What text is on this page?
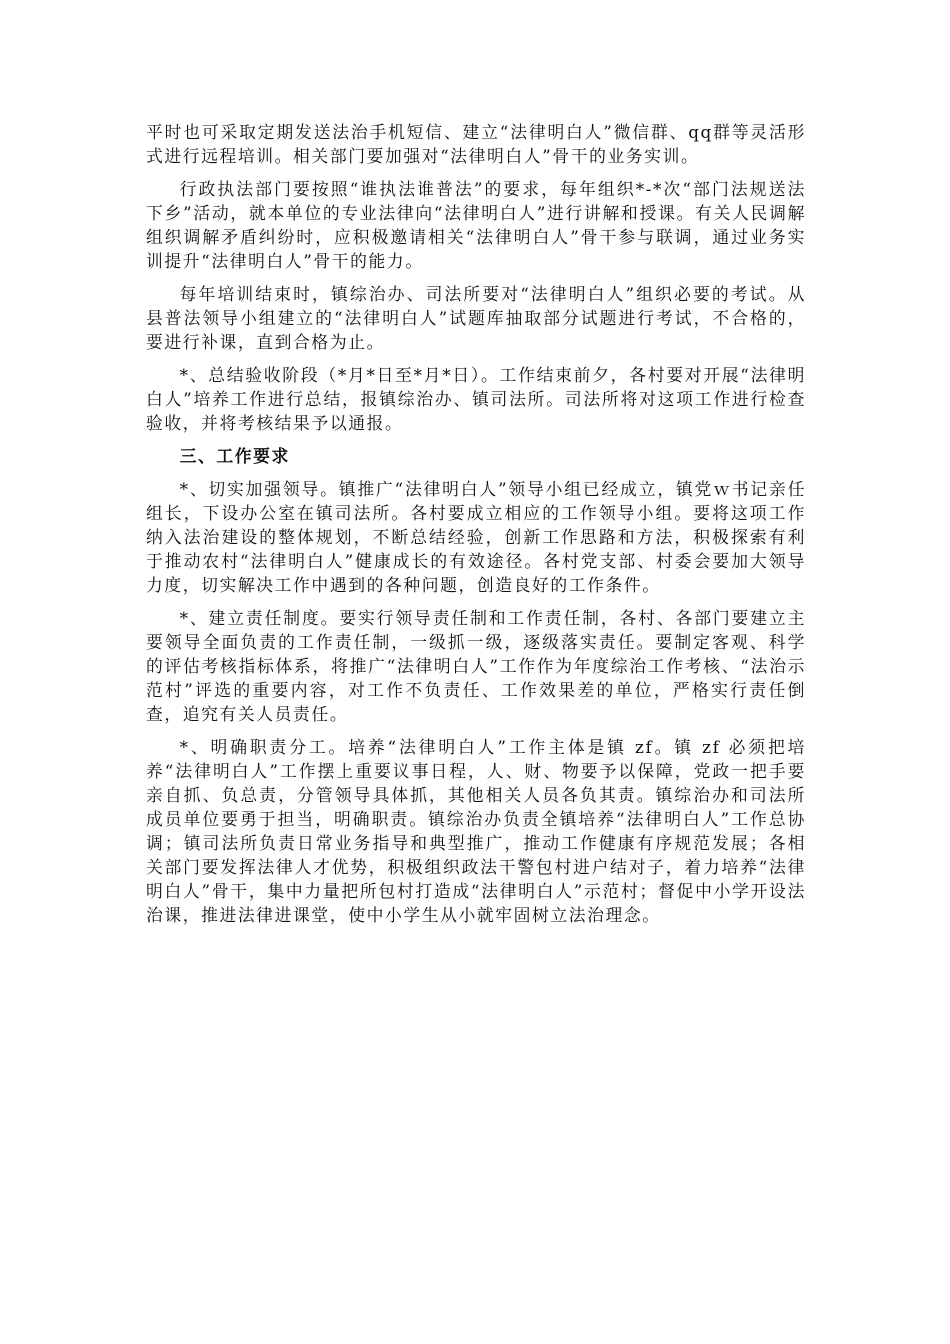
平时也可采取定期发送法治手机短信、建立“法律明白人”微信群、qq群等灵活形式进行远程培训。相关部门要加强对“法律明白人”骨干的业务实训。

行政执法部门要按照“谁执法谁普法”的要求，每年组织*-*次“部门法规送法下乡”活动，就本单位的专业法律向“法律明白人”进行讲解和授课。有关人民调解组织调解矛盾纠纷时，应积极邀请相关“法律明白人”骨干参与联调，通过业务实训提升“法律明白人”骨干的能力。

每年培训结束时，镇综治办、司法所要对“法律明白人”组织必要的考试。从县普法领导小组建立的“法律明白人”试题库抽取部分试题进行考试，不合格的，要进行补课，直到合格为止。

*、总结验收阶段（*月*日至*月*日）。工作结束前夕，各村要对开展“法律明白人”培养工作进行总结，报镇综治办、镇司法所。司法所将对这项工作进行检查验收，并将考核结果予以通报。

三、工作要求

*、切实加强领导。镇推广“法律明白人”领导小组已经成立，镇党ｗ书记亲任组长，下设办公室在镇司法所。各村要成立相应的工作领导小组。要将这项工作纳入法治建设的整体规划，不断总结经验，创新工作思路和方法，积极探索有利于推动农村“法律明白人”健康成长的有效途径。各村党支部、村委会要加大领导力度，切实解决工作中遇到的各种问题，创造良好的工作条件。

*、建立责任制度。要实行领导责任制和工作责任制，各村、各部门要建立主要领导全面负责的工作责任制，一级抓一级，逐级落实责任。要制定客观、科学的评估考核指标体系，将推广“法律明白人”工作作为年度综治工作考核、“法治示范村”评选的重要内容，对工作不负责任、工作效果差的单位，严格实行责任倒查，追究有关人员责任。

*、明确职责分工。培养“法律明白人”工作主体是镇 zf。镇 zf 必须把培养“法律明白人”工作摆上重要议事日程，人、财、物要予以保障，党政一把手要亲自抓、负总责，分管领导具体抓，其他相关人员各负其责。镇综治办和司法所成员单位要勇于担当，明确职责。镇综治办负责全镇培养“法律明白人”工作总协调；镇司法所负责日常业务指导和典型推广，推动工作健康有序规范发展；各相关部门要发挥法律人才优势，积极组织政法干警包村进户结对子，着力培养“法律明白人”骨干，集中力量把所包村打造成“法律明白人”示范村；督促中小学开设法治课，推进法律进课堂，使中小学生从小就牢固树立法治理念。
